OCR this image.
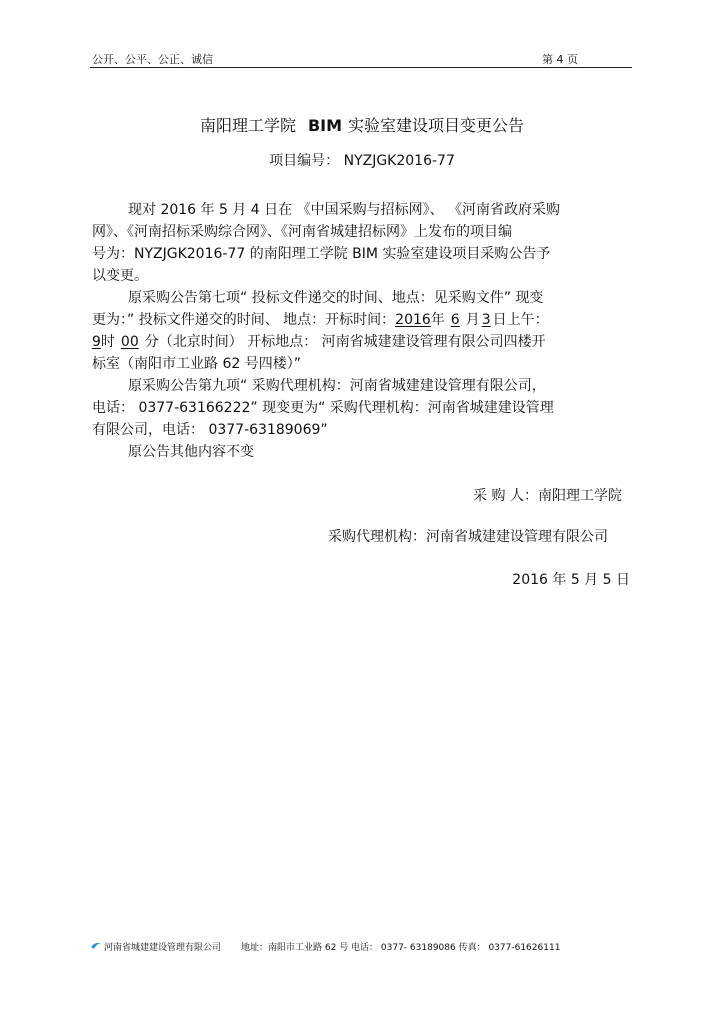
公开、公平、公正、诚信	第 4 页
南阳理工学院 BIM 实验室建设项目变更公告
项目编号： NYZJGK2016-77
现对 2016 年 5 月 4 日在 《中国采购与招标网》、 《河南省政府采购
网》、《河南招标采购综合网》、《河南省城建招标网》上发布的项目编
号为：NYZJGK2016-77 的南阳理工学院 BIM 实验室建设项目采购公告予
以变更。
原采购公告第七项“ 投标文件递交的时间、地点：见采购文件” 现变
更为：” 投标文件递交的时间、 地点：开标时间：2016年 6 月 3 日上午：
9时 00 分（北京时间） 开标地点： 河南省城建建设管理有限公司四楼开
标室（南阳市工业路 62 号四楼）”
原采购公告第九项“ 采购代理机构：河南省城建建设管理有限公司，
电话： 0377-63166222” 现变更为“ 采购代理机构：河南省城建建设管理
有限公司，电话： 0377-63189069”
原公告其他内容不变
采 购 人：南阳理工学院
采购代理机构：河南省城建建设管理有限公司
2016 年 5 月 5 日
河南省城建建设管理有限公司 地址：南阳市工业路 62 号 电话： 0377- 63189086 传真： 0377-61626111
